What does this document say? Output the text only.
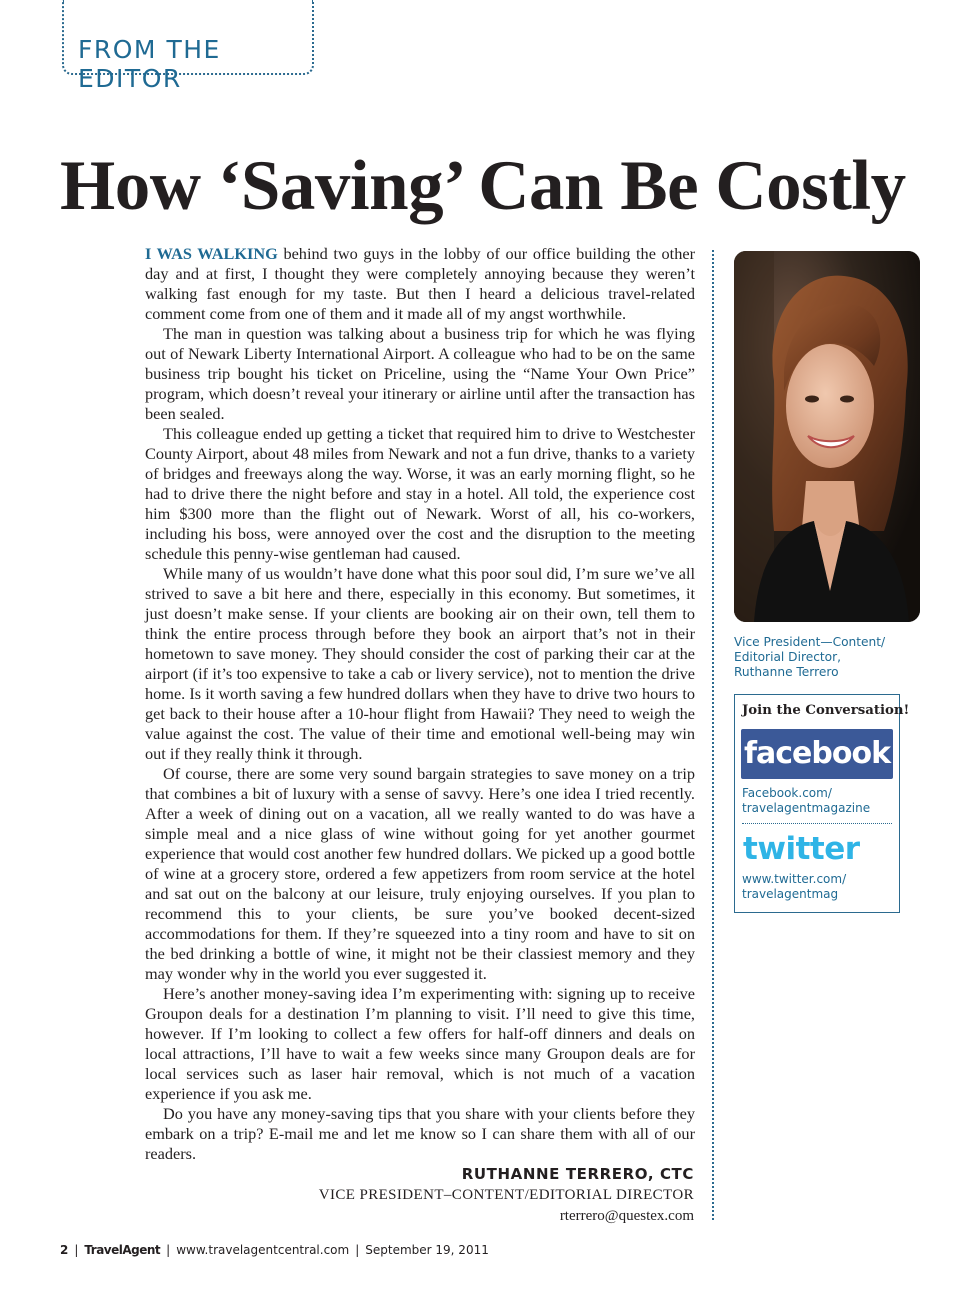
FROM THE EDITOR
How ‘Saving’ Can Be Costly

I WAS WALKING behind two guys in the lobby of our office building the other day and at first, I thought they were completely annoying because they weren’t walking fast enough for my taste. But then I heard a delicious travel-related comment come from one of them and it made all of my angst worthwhile.

The man in question was talking about a business trip for which he was flying out of Newark Liberty International Airport. A colleague who had to be on the same business trip bought his ticket on Priceline, using the “Name Your Own Price” program, which doesn’t reveal your itinerary or airline until after the transaction has been sealed.

This colleague ended up getting a ticket that required him to drive to Westchester County Airport, about 48 miles from Newark and not a fun drive, thanks to a variety of bridges and freeways along the way. Worse, it was an early morning flight, so he had to drive there the night before and stay in a hotel. All told, the experience cost him $300 more than the flight out of Newark. Worst of all, his co-workers, including his boss, were annoyed over the cost and the disruption to the meeting schedule this penny-wise gentleman had caused.

While many of us wouldn’t have done what this poor soul did, I’m sure we’ve all strived to save a bit here and there, especially in this economy. But sometimes, it just doesn’t make sense. If your clients are booking air on their own, tell them to think the entire process through before they book an airport that’s not in their hometown to save money. They should consider the cost of parking their car at the airport (if it’s too expensive to take a cab or livery service), not to mention the drive home. Is it worth saving a few hundred dollars when they have to drive two hours to get back to their house after a 10-hour flight from Hawaii? They need to weigh the value against the cost. The value of their time and emotional well-being may win out if they really think it through.

Of course, there are some very sound bargain strategies to save money on a trip that combines a bit of luxury with a sense of savvy. Here’s one idea I tried recently. After a week of dining out on a vacation, all we really wanted to do was have a simple meal and a nice glass of wine without going for yet another gourmet experience that would cost another few hundred dollars. We picked up a good bottle of wine at a grocery store, ordered a few appetizers from room service at the hotel and sat out on the balcony at our leisure, truly enjoying ourselves. If you plan to recommend this to your clients, be sure you’ve booked decent-sized accommodations for them. If they’re squeezed into a tiny room and have to sit on the bed drinking a bottle of wine, it might not be their classiest memory and they may wonder why in the world you ever suggested it.

Here’s another money-saving idea I’m experimenting with: signing up to receive Groupon deals for a destination I’m planning to visit. I’ll need to give this time, however. If I’m looking to collect a few offers for half-off dinners and deals on local attractions, I’ll have to wait a few weeks since many Groupon deals are for local services such as laser hair removal, which is not much of a vacation experience if you ask me.

Do you have any money-saving tips that you share with your clients before they embark on a trip? E-mail me and let me know so I can share them with all of our readers.

RUTHANNE TERRERO, CTC
VICE PRESIDENT–CONTENT/EDITORIAL DIRECTOR
rterrero@questex.com
Vice President—Content/
Editorial Director,
Ruthanne Terrero
Join the Conversation!
facebook
Facebook.com/
travelagentmagazine
twitter
www.twitter.com/
travelagentmag
2 | TravelAgent | www.travelagentcentral.com | September 19, 2011
